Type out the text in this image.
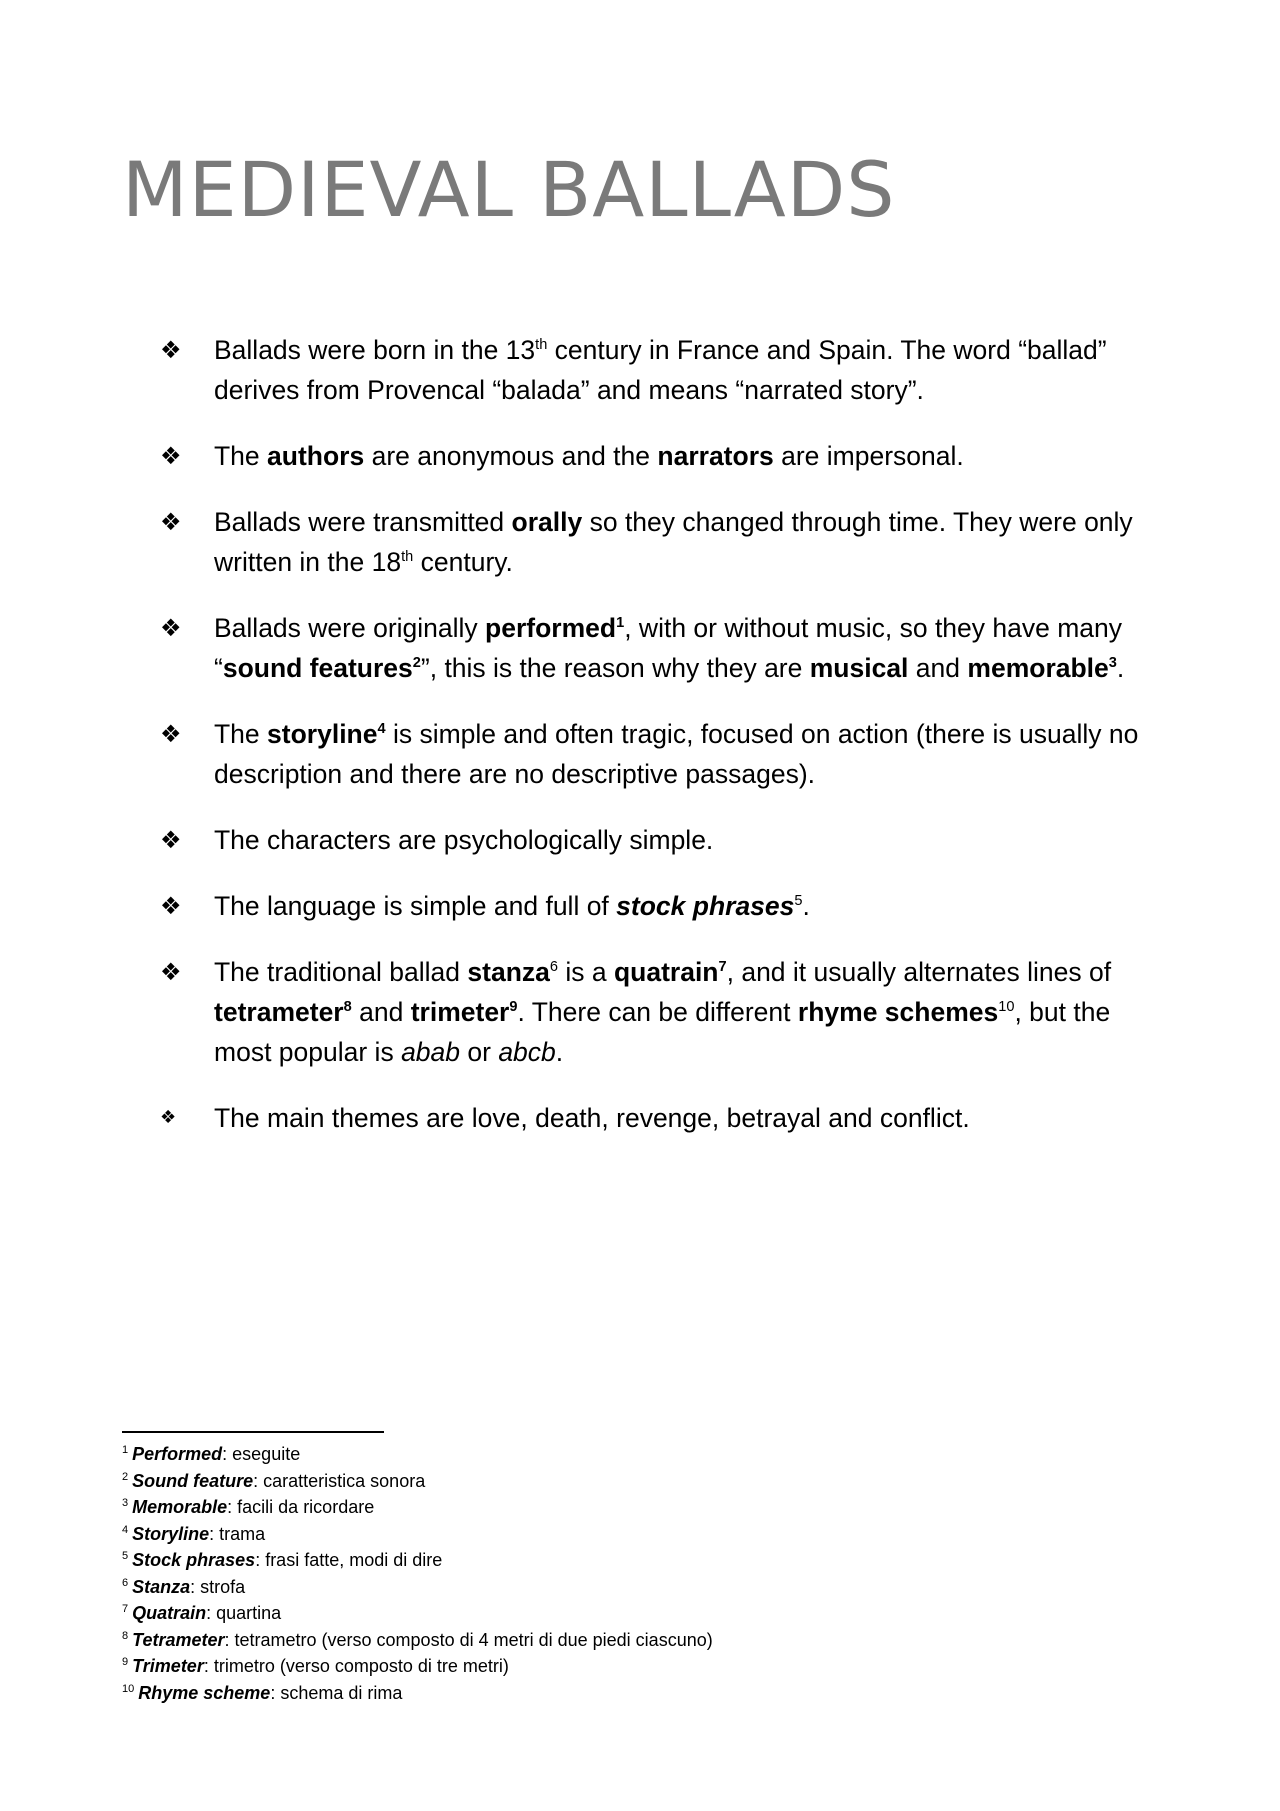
MEDIEVAL BALLADS
❖	Ballads were born in the 13th century in France and Spain. The word “ballad” derives from Provencal “balada” and means “narrated story”.
❖	The authors are anonymous and the narrators are impersonal.
❖	Ballads were transmitted orally so they changed through time. They were only written in the 18th century.
❖	Ballads were originally performed$^1$, with or without music, so they have many “sound features$^2$”, this is the reason why they are musical and memorable$^3$.
❖	The storyline$^4$ is simple and often tragic, focused on action (there is usually no description and there are no descriptive passages).
❖	The characters are psychologically simple.
❖	The language is simple and full of stock phrases$^5$.
❖	The traditional ballad stanza$^6$ is a quatrain$^7$, and it usually alternates lines of tetrameter$^8$ and trimeter$^9$. There can be different rhyme schemes$^{10}$, but the most popular is abab or abcb.
❖	The main themes are love, death, revenge, betrayal and conflict.
$^1$ Performed: eseguite
$^2$ Sound feature: caratteristica sonora
$^3$ Memorable: facili da ricordare
$^4$ Storyline: trama
$^5$ Stock phrases: frasi fatte, modi di dire
$^6$ Stanza: strofa
$^7$ Quatrain: quartina
$^8$ Tetrameter: tetrametro (verso composto di 4 metri di due piedi ciascuno)
$^9$ Trimeter: trimetro (verso composto di tre metri)
$^{10}$ Rhyme scheme: schema di rima
